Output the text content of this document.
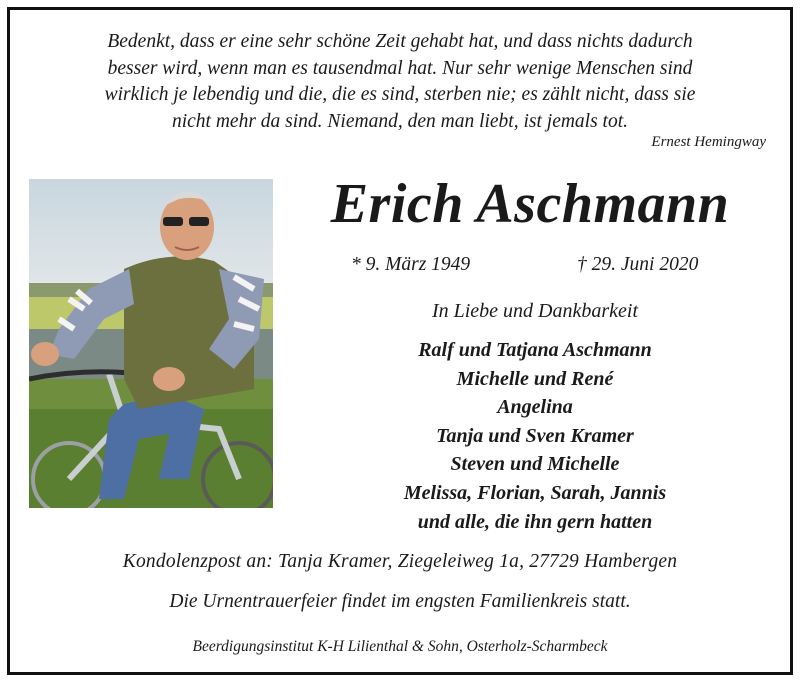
Bedenkt, dass er eine sehr schöne Zeit gehabt hat, und dass nichts dadurch
besser wird, wenn man es tausendmal hat. Nur sehr wenige Menschen sind
wirklich je lebendig und die, die es sind, sterben nie; es zählt nicht, dass sie
nicht mehr da sind. Niemand, den man liebt, ist jemals tot.
Ernest Hemingway
Erich Aschmann
* 9. März 1949	† 29. Juni 2020
In Liebe und Dankbarkeit
Ralf und Tatjana Aschmann
Michelle und René
Angelina
Tanja und Sven Kramer
Steven und Michelle
Melissa, Florian, Sarah, Jannis
und alle, die ihn gern hatten
Kondolenzpost an: Tanja Kramer, Ziegeleiweg 1a, 27729 Hambergen
Die Urnentrauerfeier findet im engsten Familienkreis statt.
Beerdigungsinstitut K-H Lilienthal & Sohn, Osterholz-Scharmbeck
